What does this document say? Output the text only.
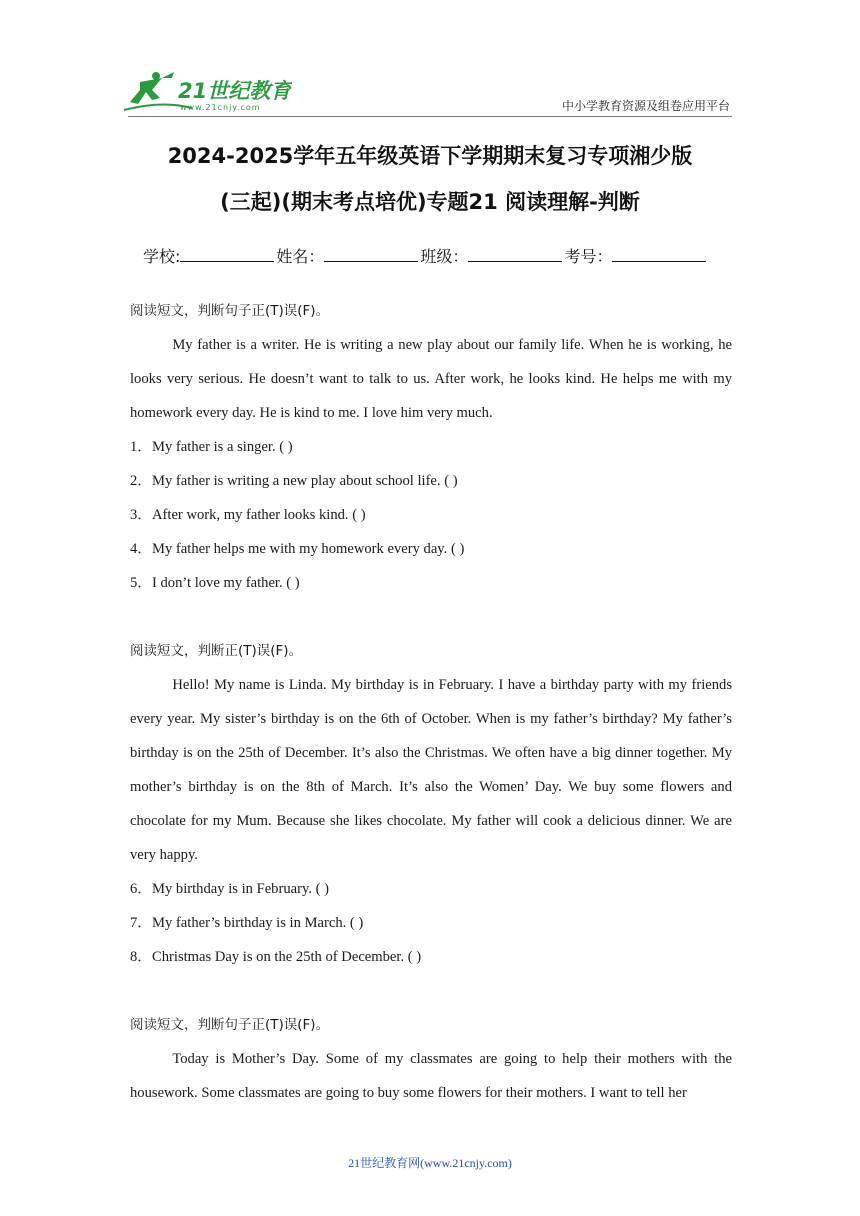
21世纪教育
www.21cnjy.com	中小学教育资源及组卷应用平台
2024-2025学年五年级英语下学期期末复习专项湘少版
(三起)(期末考点培优)专题21 阅读理解-判断
学校:	姓名：	班级：	考号：

阅读短文，判断句子正(T)误(F)。

My father is a writer. He is writing a new play about our family life. When he is working, he looks very serious. He doesn’t want to talk to us. After work, he looks kind. He helps me with my homework every day. He is kind to me. I love him very much.

1．My father is a singer. ( )

2．My father is writing a new play about school life. ( )

3．After work, my father looks kind. ( )

4．My father helps me with my homework every day. ( )

5．I don’t love my father. ( )

阅读短文，判断正(T)误(F)。

Hello! My name is Linda. My birthday is in February. I have a birthday party with my friends every year. My sister’s birthday is on the 6th of October. When is my father’s birthday? My father’s birthday is on the 25th of December. It’s also the Christmas. We often have a big dinner together. My mother’s birthday is on the 8th of March. It’s also the Women’ Day. We buy some flowers and chocolate for my Mum. Because she likes chocolate. My father will cook a delicious dinner. We are very happy.

6．My birthday is in February. ( )

7．My father’s birthday is in March. ( )

8．Christmas Day is on the 25th of December. ( )

阅读短文，判断句子正(T)误(F)。

Today is Mother’s Day. Some of my classmates are going to help their mothers with the housework. Some classmates are going to buy some flowers for their mothers. I want to tell her

21世纪教育网(www.21cnjy.com)
